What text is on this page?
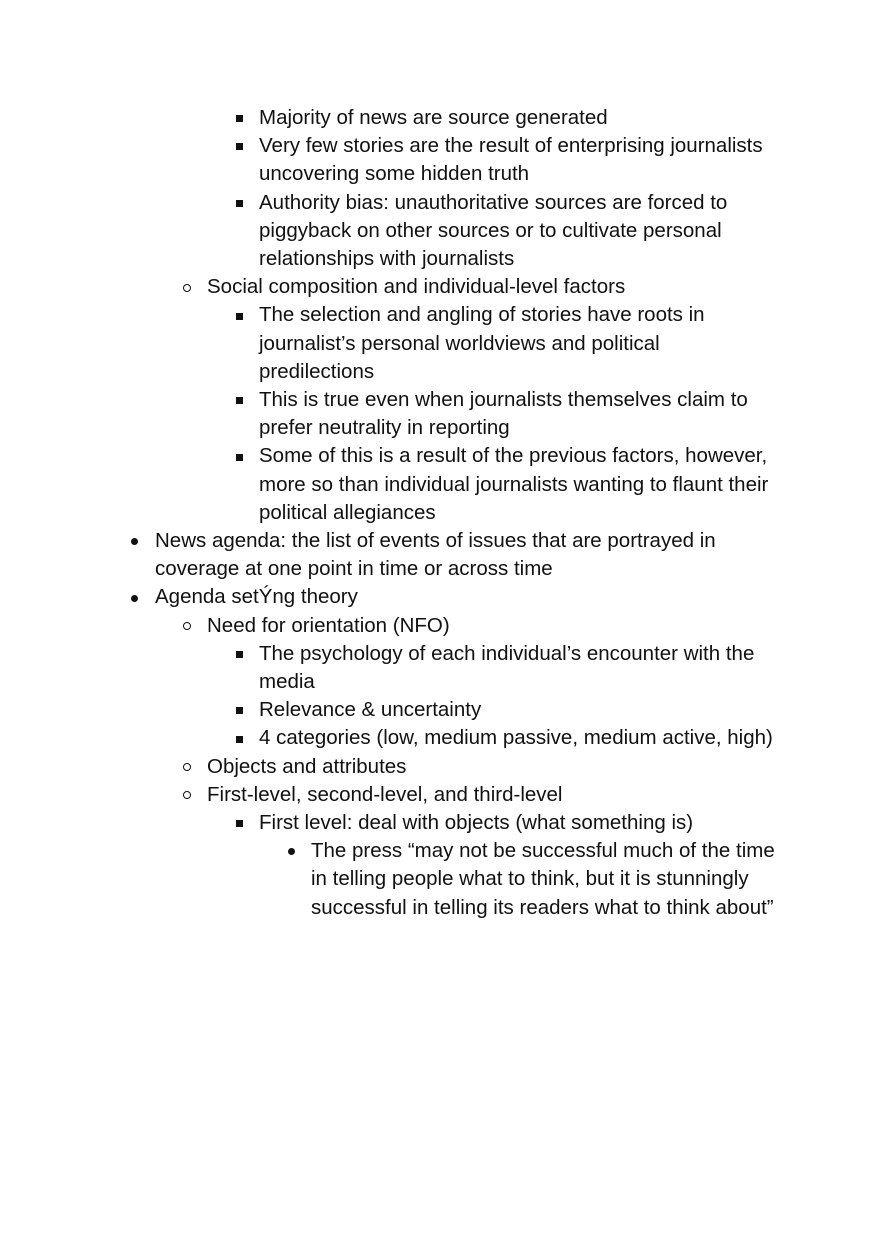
Majority of news are source generated
Very few stories are the result of enterprising journalists uncovering some hidden truth
Authority bias: unauthoritative sources are forced to piggyback on other sources or to cultivate personal relationships with journalists
Social composition and individual-level factors
The selection and angling of stories have roots in journalist’s personal worldviews and political predilections
This is true even when journalists themselves claim to prefer neutrality in reporting
Some of this is a result of the previous factors, however, more so than individual journalists wanting to flaunt their political allegiances
News agenda: the list of events of issues that are portrayed in coverage at one point in time or across time
Agenda setÝng theory
Need for orientation (NFO)
The psychology of each individual’s encounter with the media
Relevance & uncertainty
4 categories (low, medium passive, medium active, high)
Objects and attributes
First-level, second-level, and third-level
First level: deal with objects (what something is)
The press “may not be successful much of the time in telling people what to think, but it is stunningly successful in telling its readers what to think about”
